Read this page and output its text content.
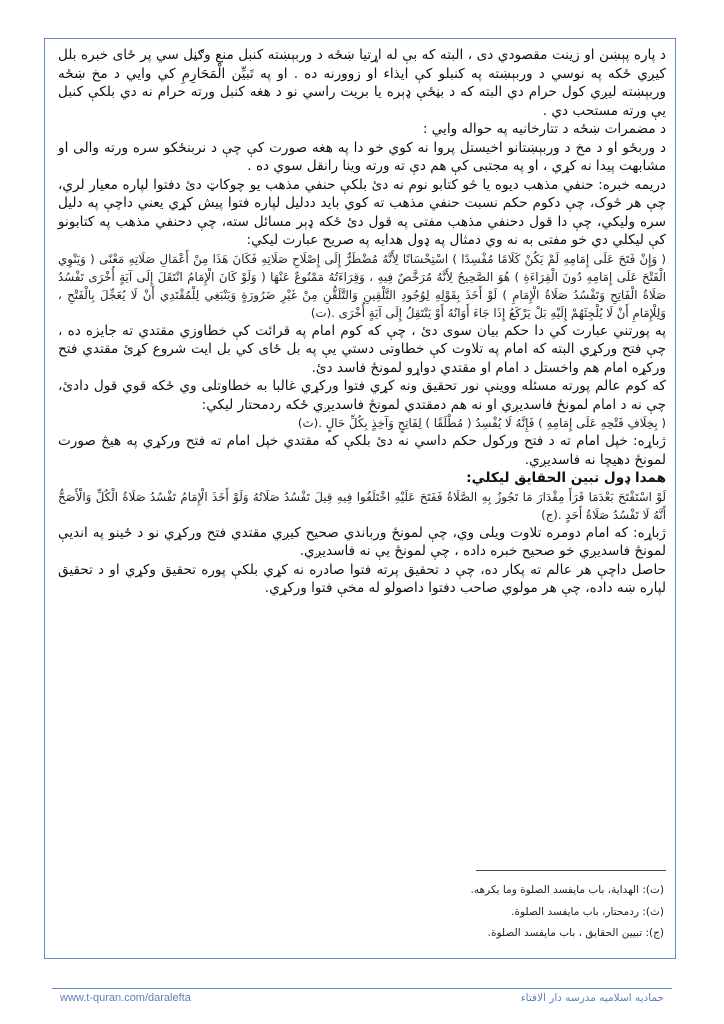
د پاره پېښن او زينت مقصودي دی ، البته که بې له اړتيا ښځه د وربېښته کنبل منع وګڼل سي پر ځای خبره بلل کيږي ځکه په نوسي د وربېښته په کنبلو کې ايذاء او زوورنه ده . او په تَبيِّن الْمَحَارِمِ کي وايي د مخ ښځه وربېښته ليږي کول حرام دي البته که د بڼځې ډېره يا بريت راسي نو د هغه کنبل ورته حرام نه دي بلکې کنبل يې ورته مستحب دي .

د مضمرات ښځه د تتارخانيه په حواله وايي :

د وربځو او د مخ د وربېښتانو اخيستل پروا نه کوي خو دا په هغه صورت کې چې د نربنځکو سره ورته والی او مشابهت پيدا نه کړي ، او په مجتبی کې هم دې ته ورته وينا رانقل سوي ده .

دريمه خبره: حنفي مذهب ديوه يا څو کتابو نوم نه دئ بلکې حنفي مذهب يو چوکاټ دئ دفتوا لپاره معيار لري، چې هر څوک، چې دکوم حکم نسبت حنفي مذهب ته کوي بايد ددليل لپاره فتوا پيش کړي يعني داچې په دليل سره وليکي، چې دا قول دحنفي مذهب مفتی په قول دئ ځکه ډېر مسائل سته، چې دحنفي مذهب په کتابونو کې ليکلي دي خو مفتی به نه وي دمثال په ډول هدايه په صريح عبارت ليکي:

( وَإِنْ فَتَحَ عَلَى إِمَامِهِ لَمْ يَكُنْ كَلَامًا مُفْسِدًا ) اسْتِحْسَانًا لِأَنَّهُ مُضْطَرٌّ إِلَى إِصْلَاحِ صَلَاتِهِ فَكَانَ هَذَا مِنْ أَعْمَالِ صَلَاتِهِ مَعْنًى ( وَيَنْوِي الْفَتْحَ عَلَى إِمَامِهِ دُونَ الْقِرَاءَةِ ) هُوَ الصَّحِيحُ لِأَنَّهُ مُرَخَّصٌ فِيهِ ، وَقِرَاءَتُهُ مَمْنُوعٌ عَنْهَا ( وَلَوْ كَانَ الْإِمَامُ انْتَقَلَ إِلَى آيَةٍ أُخْرَى تَفْسُدُ صَلَاةُ الْفَاتِحِ وَتَفْسُدُ صَلَاةُ الْإِمَامِ ) لَوْ أَخَذَ بِقَوْلِهِ لِوُجُودِ التَّلْقِينِ وَالتَّلَقُّنِ مِنْ غَيْرِ ضَرُورَةٍ وَيَنْبَغِي لِلْمُقْتَدِي أَنْ لَا يُعَجِّلَ بِالْفَتْحِ ، وَلِلْإِمَامِ أَنْ لَا يُلْجِئَهُمْ إِلَيْهِ بَلْ يَرْكَعُ إِذَا جَاءَ أَوَانُهُ أَوْ يَنْتَقِلُ إِلَى آيَةٍ أُخْرَى .(ت)

په پورتني عبارت کي دا حکم بيان سوی دئ ، چې که کوم امام په قرائت کې خطاوزي مقتدي ته جايزه ده ، چې فتح ورکړي البته که امام په تلاوت کې خطاوتی دستي يې په بل ځای کي بل ايت شروع کړئ مقتدي فتح ورکړه امام هم واخستل د امام او مقتدي دواړو لمونځ فاسد دئ.

که کوم عالم پورته مسئله ووينې نور تحقيق ونه کړي فتوا ورکړي غالبا به خطاوتلی وي ځکه قوي قول دادئ، چې نه د امام لمونځ فاسديږي او نه هم دمقتدي لمونځ فاسديږي ځکه ردمحتار ليکي:

( بِخِلَافِ فَتْحِهِ عَلَى إِمَامِهِ ) فَإِنَّهُ لَا يُفْسِدُ ( مُطْلَقًا ) لِفَاتِحٍ وَآخِذٍ بِكُلِّ حَالٍ .(ث)

ژباړه: خپل امام ته د فتح ورکول حکم داسي نه دئ بلکې که مقتدي خپل امام ته فتح ورکړي په هيڅ صورت لمونځ دهيچا نه فاسديږي.

همدا ډول تبين الحقايق ليکلي:

لَوْ اسْتَفْتَحَ بَعْدَمَا قَرَأَ مِقْدَارَ مَا تَجُوزُ بِهِ الصَّلَاةُ فَفَتَحَ عَلَيْهِ اخْتَلَفُوا فِيهِ قِيلَ تَفْسُدُ صَلَاتُهُ وَلَوْ أَخَذَ الْإِمَامُ تَفْسُدُ صَلَاةُ الْكُلِّ وَالْأَصَحُّ أَنَّهُ لَا تَفْسُدُ صَلَاةُ أَحَدٍ .(ج)

ژباړه: که امام دومره تلاوت ويلی وي، چې لمونځ ورباندي صحيح کيږي مقتدي فتح ورکړي نو د ځينو په انديې لمونځ فاسديږي خو صحيح خبره داده ، چې لمونځ يې نه فاسديږي.

حاصل داچې هر عالم ته پکار ده، چې د تحقيق پرته فتوا صادره نه کړي بلکې پوره تحقيق وکړي او د تحقيق لپاره ښه داده، چې هر مولوي صاحب دفتوا داصولو له مخې فتوا ورکړي.

(ت): الهداية، باب مايفسد الصلوة وما يكرهه.

(ث): ردمحتار، باب مايفسد الصلوة.

(ج): تبيين الحقايق ، باب مايفسد الصلوة.

www.t-quran.com/daralefta	حماديه اسلاميه مدرسه دار الافتاء
